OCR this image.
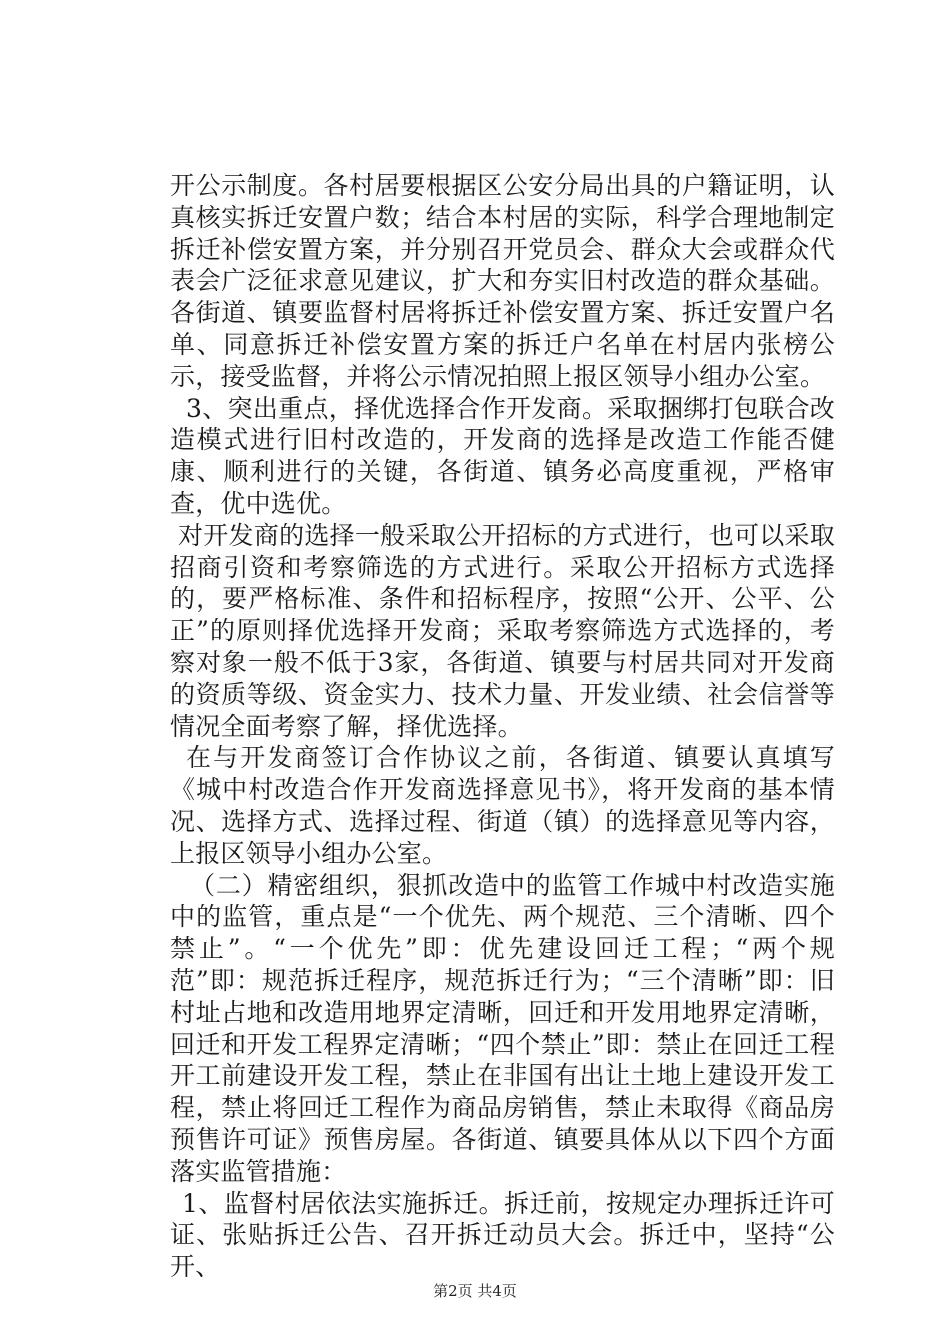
开公示制度。各村居要根据区公安分局出具的户籍证明，认真核实拆迁安置户数；结合本村居的实际，科学合理地制定拆迁补偿安置方案，并分别召开党员会、群众大会或群众代表会广泛征求意见建议，扩大和夯实旧村改造的群众基础。各街道、镇要监督村居将拆迁补偿安置方案、拆迁安置户名单、同意拆迁补偿安置方案的拆迁户名单在村居内张榜公示，接受监督，并将公示情况拍照上报区领导小组办公室。

3、突出重点，择优选择合作开发商。采取捆绑打包联合改造模式进行旧村改造的，开发商的选择是改造工作能否健康、顺利进行的关键，各街道、镇务必高度重视，严格审查，优中选优。

对开发商的选择一般采取公开招标的方式进行，也可以采取招商引资和考察筛选的方式进行。采取公开招标方式选择的，要严格标准、条件和招标程序，按照“公开、公平、公正”的原则择优选择开发商；采取考察筛选方式选择的，考察对象一般不低于3家，各街道、镇要与村居共同对开发商的资质等级、资金实力、技术力量、开发业绩、社会信誉等情况全面考察了解，择优选择。

在与开发商签订合作协议之前，各街道、镇要认真填写《城中村改造合作开发商选择意见书》，将开发商的基本情况、选择方式、选择过程、街道（镇）的选择意见等内容，上报区领导小组办公室。

（二）精密组织，狠抓改造中的监管工作城中村改造实施中的监管，重点是“一个优先、两个规范、三个清晰、四个禁止”。“一个优先”即：优先建设回迁工程；“两个规范”即：规范拆迁程序，规范拆迁行为；“三个清晰”即：旧村址占地和改造用地界定清晰，回迁和开发用地界定清晰，回迁和开发工程界定清晰；“四个禁止”即：禁止在回迁工程开工前建设开发工程，禁止在非国有出让土地上建设开发工程，禁止将回迁工程作为商品房销售，禁止未取得《商品房预售许可证》预售房屋。各街道、镇要具体从以下四个方面落实监管措施：

1、监督村居依法实施拆迁。拆迁前，按规定办理拆迁许可证、张贴拆迁公告、召开拆迁动员大会。拆迁中，坚持“公开、

第2页 共4页
